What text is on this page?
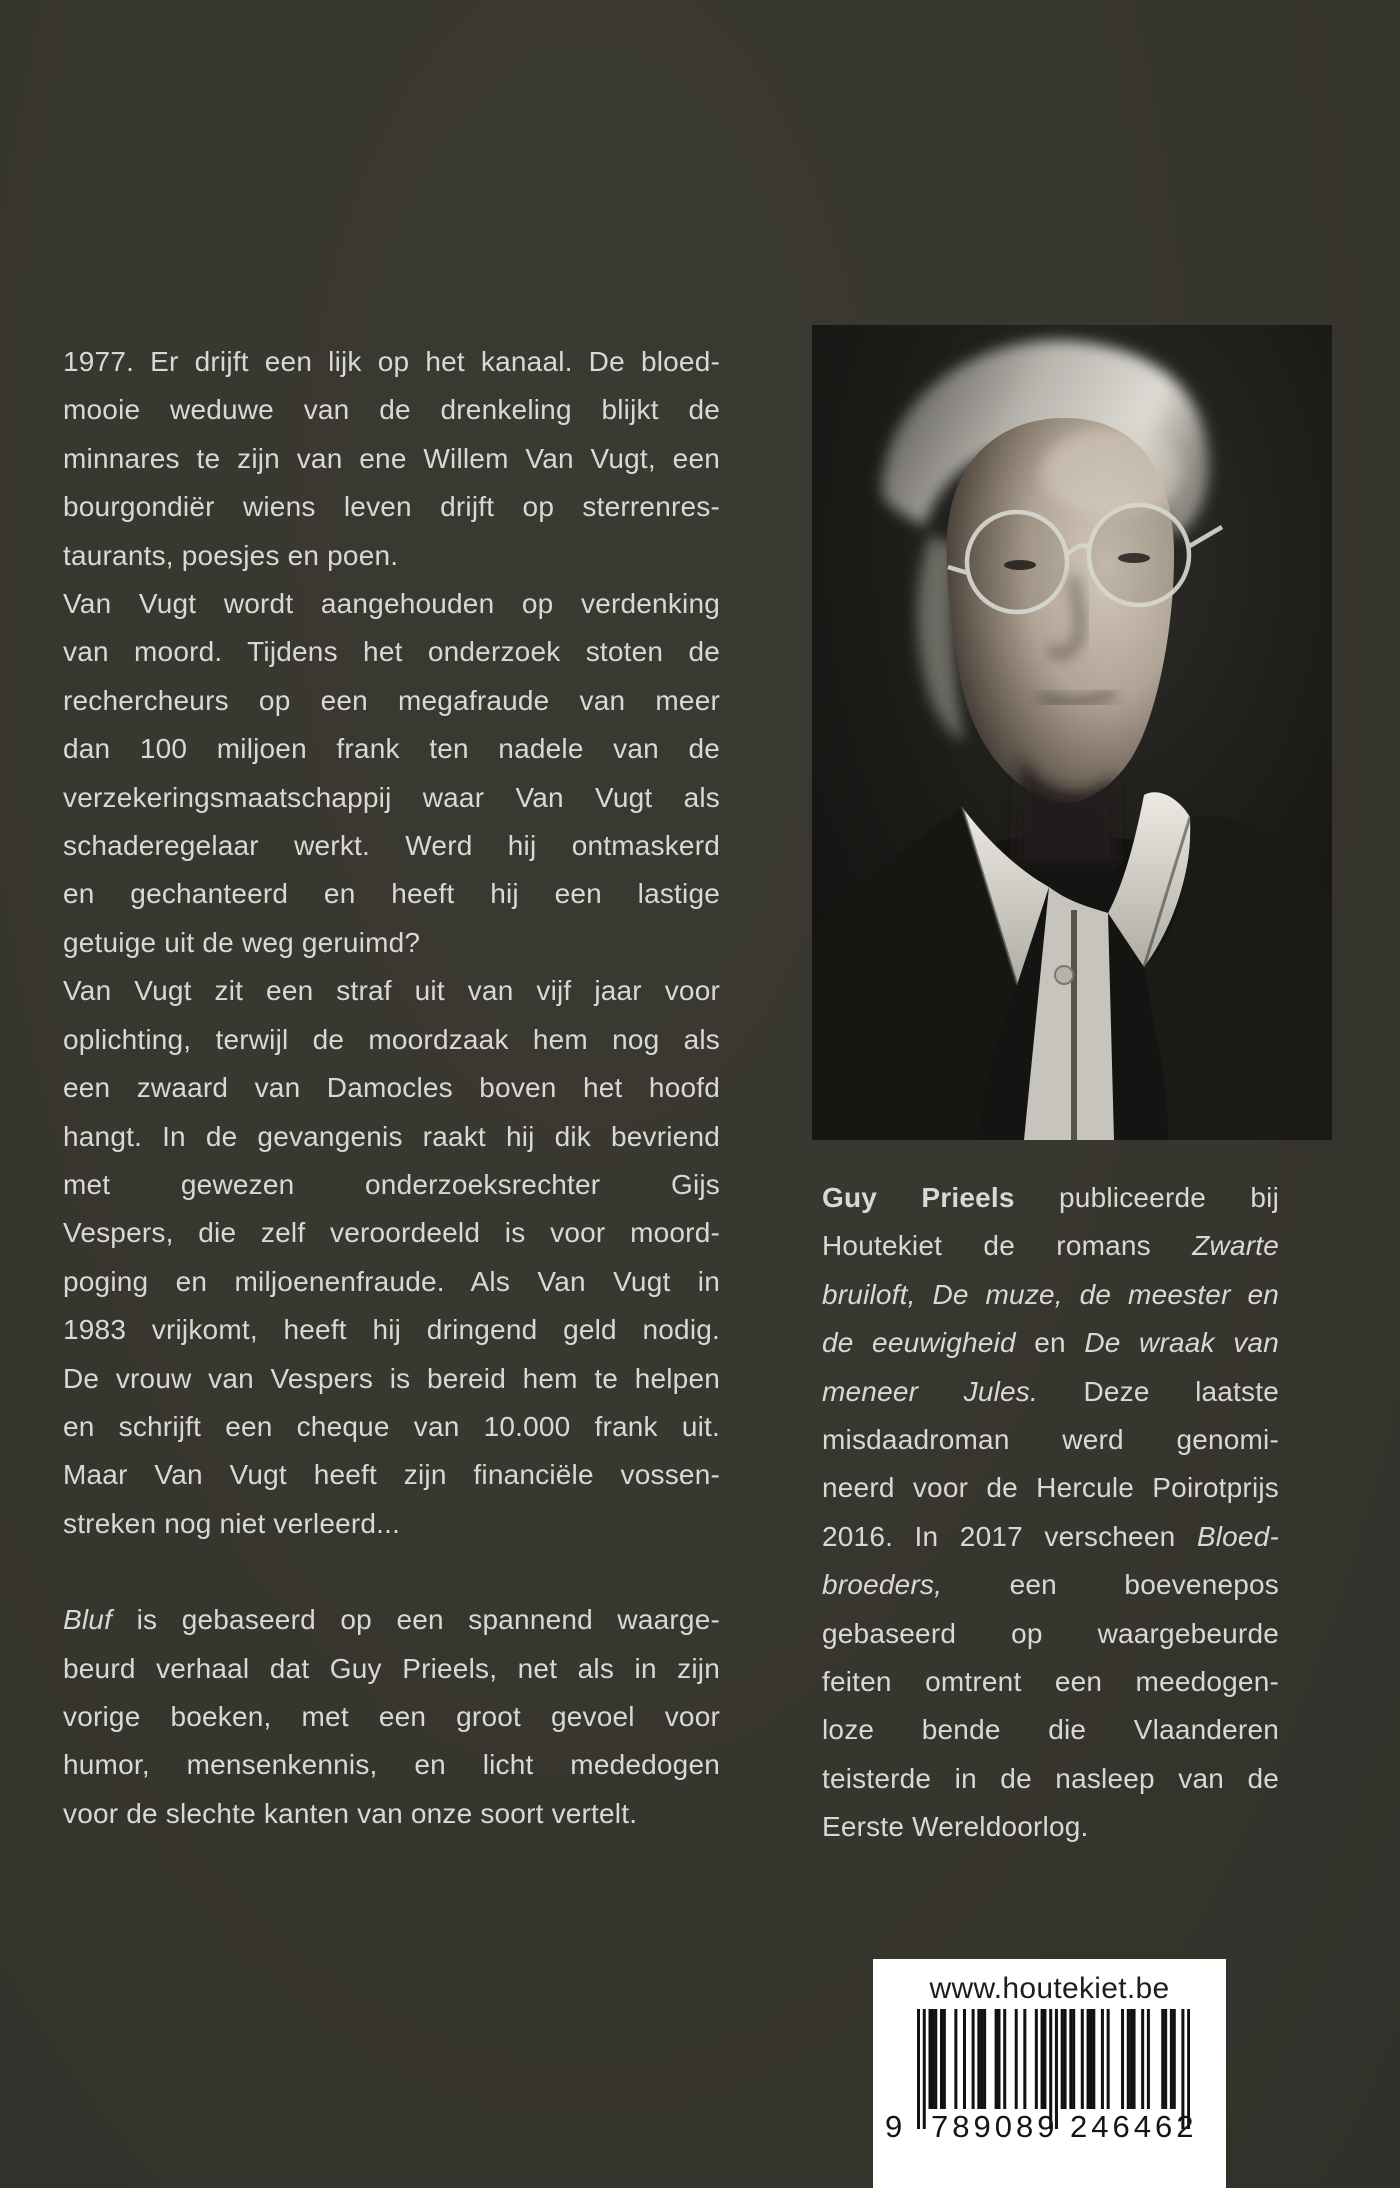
1977. Er drijft een lijk op het kanaal. De bloed-
mooie weduwe van de drenkeling blijkt de
minnares te zijn van ene Willem Van Vugt, een
bourgondiër wiens leven drijft op sterrenres-
taurants, poesjes en poen.
Van Vugt wordt aangehouden op verdenking
van moord. Tijdens het onderzoek stoten de
rechercheurs op een megafraude van meer
dan 100 miljoen frank ten nadele van de
verzekeringsmaatschappij waar Van Vugt als
schaderegelaar werkt. Werd hij ontmaskerd
en gechanteerd en heeft hij een lastige
getuige uit de weg geruimd?
Van Vugt zit een straf uit van vijf jaar voor
oplichting, terwijl de moordzaak hem nog als
een zwaard van Damocles boven het hoofd
hangt. In de gevangenis raakt hij dik bevriend
met gewezen onderzoeksrechter Gijs
Vespers, die zelf veroordeeld is voor moord-
poging en miljoenenfraude. Als Van Vugt in
1983 vrijkomt, heeft hij dringend geld nodig.
De vrouw van Vespers is bereid hem te helpen
en schrijft een cheque van 10.000 frank uit.
Maar Van Vugt heeft zijn financiële vossen-
streken nog niet verleerd...
Bluf is gebaseerd op een spannend waarge-
beurd verhaal dat Guy Prieels, net als in zijn
vorige boeken, met een groot gevoel voor
humor, mensenkennis, en licht mededogen
voor de slechte kanten van onze soort vertelt.
Guy Prieels publiceerde bij
Houtekiet de romans Zwarte
bruiloft, De muze, de meester en
de eeuwigheid en De wraak van
meneer Jules. Deze laatste
misdaadroman werd genomi-
neerd voor de Hercule Poirotprijs
2016. In 2017 verscheen Bloed-
broeders, een boevenepos
gebaseerd op waargebeurde
feiten omtrent een meedogen-
loze bende die Vlaanderen
teisterde in de nasleep van de
Eerste Wereldoorlog.
www.houtekiet.be
9 789089 246462
